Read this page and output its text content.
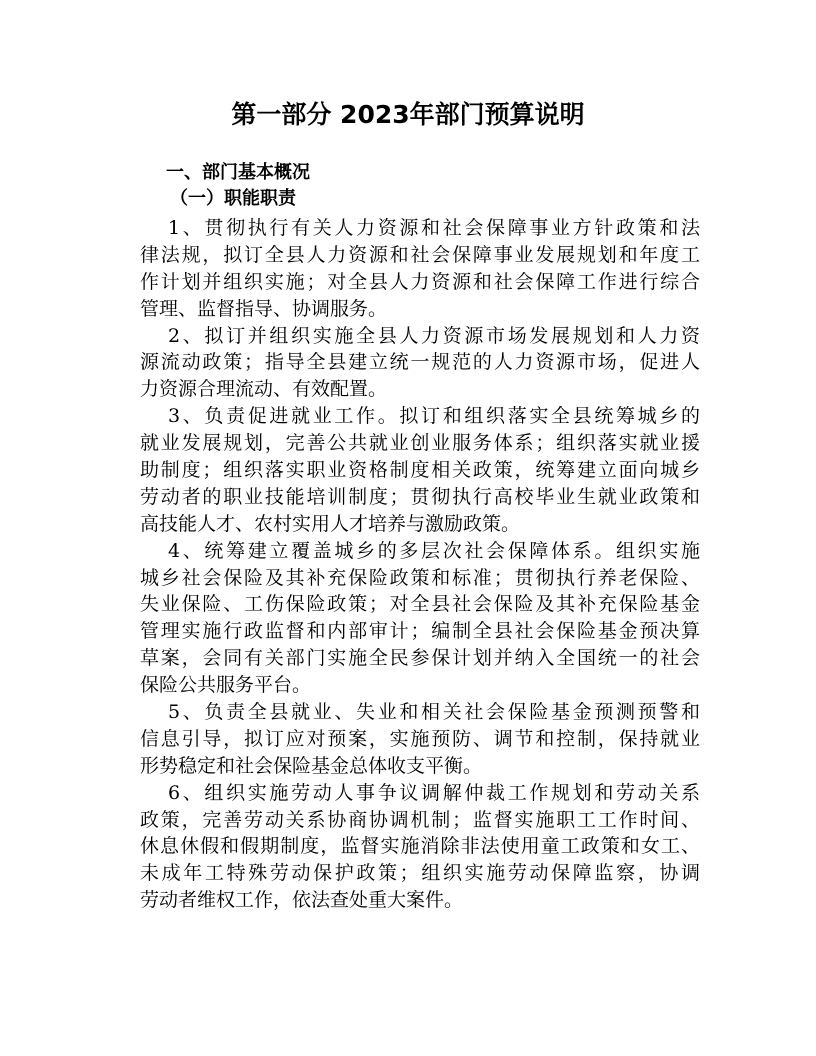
第一部分 2023年部门预算说明
一、部门基本概况
（一）职能职责

1、贯彻执行有关人力资源和社会保障事业方针政策和法
律法规，拟订全县人力资源和社会保障事业发展规划和年度工
作计划并组织实施；对全县人力资源和社会保障工作进行综合
管理、监督指导、协调服务。

2、拟订并组织实施全县人力资源市场发展规划和人力资
源流动政策；指导全县建立统一规范的人力资源市场，促进人
力资源合理流动、有效配置。

3、负责促进就业工作。拟订和组织落实全县统筹城乡的
就业发展规划，完善公共就业创业服务体系；组织落实就业援
助制度；组织落实职业资格制度相关政策，统筹建立面向城乡
劳动者的职业技能培训制度；贯彻执行高校毕业生就业政策和
高技能人才、农村实用人才培养与激励政策。

4、统筹建立覆盖城乡的多层次社会保障体系。组织实施
城乡社会保险及其补充保险政策和标准；贯彻执行养老保险、
失业保险、工伤保险政策；对全县社会保险及其补充保险基金
管理实施行政监督和内部审计；编制全县社会保险基金预决算
草案，会同有关部门实施全民参保计划并纳入全国统一的社会
保险公共服务平台。

5、负责全县就业、失业和相关社会保险基金预测预警和
信息引导，拟订应对预案，实施预防、调节和控制，保持就业
形势稳定和社会保险基金总体收支平衡。

6、组织实施劳动人事争议调解仲裁工作规划和劳动关系
政策，完善劳动关系协商协调机制；监督实施职工工作时间、
休息休假和假期制度，监督实施消除非法使用童工政策和女工、
未成年工特殊劳动保护政策；组织实施劳动保障监察，协调
劳动者维权工作，依法查处重大案件。
